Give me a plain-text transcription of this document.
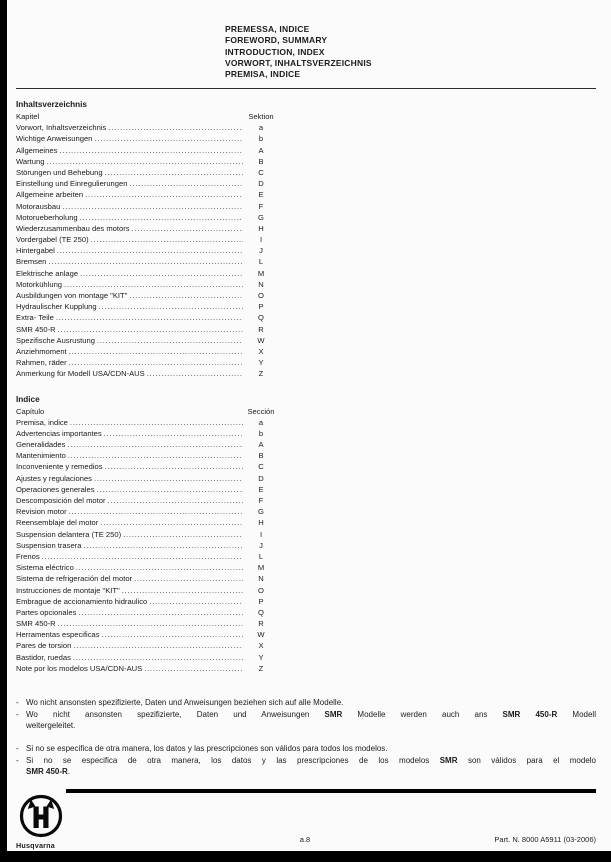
PREMESSA, INDICE
FOREWORD, SUMMARY
INTRODUCTION, INDEX
VORWORT, INHALTSVERZEICHNIS
PREMISA, INDICE
Inhaltsverzeichnis
Kapitel	Sektion
Vorwort, Inhaltsverzeichnis .....	a
Wichtige Anweisungen .....	b
Allgemeines .....	A
Wartung .....	B
Störungen und Behebung .....	C
Einstellung und Einregulierungen .....	D
Allgemeine arbeiten .....	E
Motorausbau .....	F
Motorueberholung .....	G
Wiederzusammenbau des motors .....	H
Vordergabel (TE 250) .....	I
Hintergabel .....	J
Bremsen .....	L
Elektrische anlage .....	M
Motorkühlung .....	N
Ausbildungen von montage "KIT" .....	O
Hydraulischer Kupplung .....	P
Extra- Teile .....	Q
SMR 450-R .....	R
Spezifische Ausrustung .....	W
Anziehmoment .....	X
Rahmen, räder .....	Y
Anmerkung für Modell USA/CDN-AUS .....	Z
Indice
Capítulo	Sección
Premisa, indice .....	a
Advertencias importantes .....	b
Generalidades .....	A
Mantenimiento .....	B
Inconveniente y remedios .....	C
Ajustes y regulaciones .....	D
Operaciones generales .....	E
Descomposición del motor .....	F
Revision motor .....	G
Reensemblaje del motor .....	H
Suspension delantera (TE 250) .....	I
Suspension trasera .....	J
Frenos .....	L
Sistema eléctrico .....	M
Sistema de refrigeración del motor .....	N
Instrucciones de montaje "KIT" .....	O
Embrague de accionamiento hidraulico .....	P
Partes opcionales .....	Q
SMR 450-R .....	R
Herramentas especificas .....	W
Pares de torsion .....	X
Bastidor, ruedas .....	Y
Note por los modelos USA/CDN-AUS .....	Z
- Wo nicht ansonsten spezifizierte, Daten und Anweisungen beziehen sich auf alle Modelle.
- Wo nicht ansonsten spezifizierte, Daten und Anweisungen SMR Modelle werden auch ans SMR 450-R Modell
weitergeleitet.
- Si no se especifica de otra manera, los datos y las prescripciones son válidos para todos los modelos.
- Si no se especifica de otra manera, los datos y las prescripciones de los modelos SMR son válidos para el modelo
SMR 450-R.
Husqvarna
a.8	Part. N. 8000 A5911 (03-2006)
